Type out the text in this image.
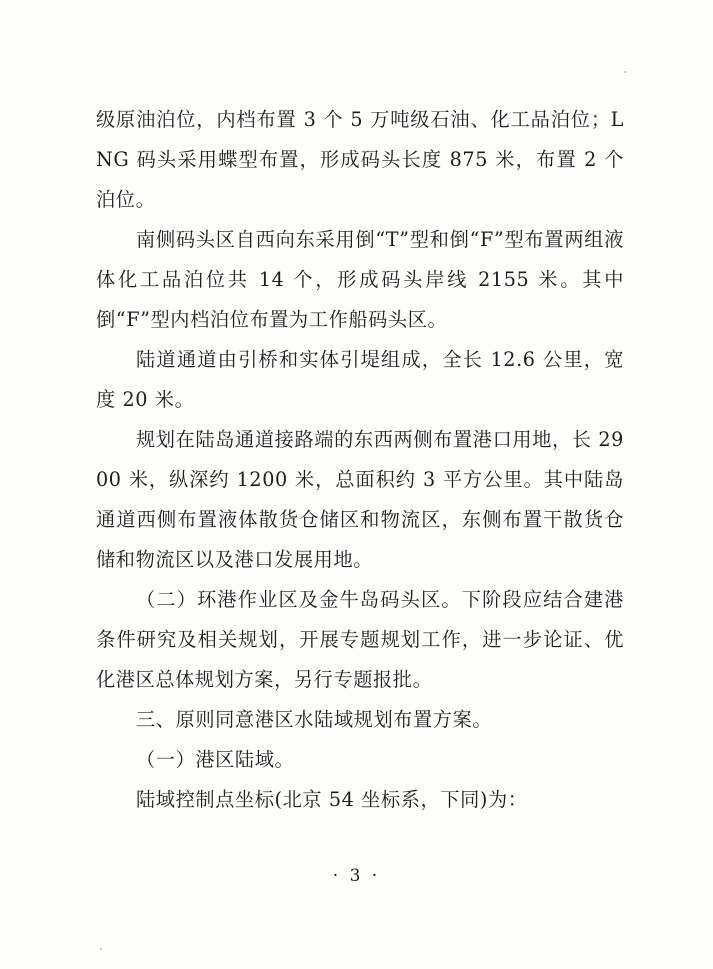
级原油泊位，内档布置 3 个 5 万吨级石油、化工品泊位；LNG 码头采用蝶型布置，形成码头长度 875 米，布置 2 个泊位。

南侧码头区自西向东采用倒“T”型和倒“F”型布置两组液体化工品泊位共 14 个，形成码头岸线 2155 米。其中倒“F”型内档泊位布置为工作船码头区。

陆道通道由引桥和实体引堤组成，全长 12.6 公里，宽度 20 米。

规划在陆岛通道接路端的东西两侧布置港口用地，长 2900 米，纵深约 1200 米，总面积约 3 平方公里。其中陆岛通道西侧布置液体散货仓储区和物流区，东侧布置干散货仓储和物流区以及港口发展用地。

（二）环港作业区及金牛岛码头区。下阶段应结合建港条件研究及相关规划，开展专题规划工作，进一步论证、优化港区总体规划方案，另行专题报批。

三、原则同意港区水陆域规划布置方案。

（一）港区陆域。

陆域控制点坐标(北京 54 坐标系，下同)为：

· 3 ·
